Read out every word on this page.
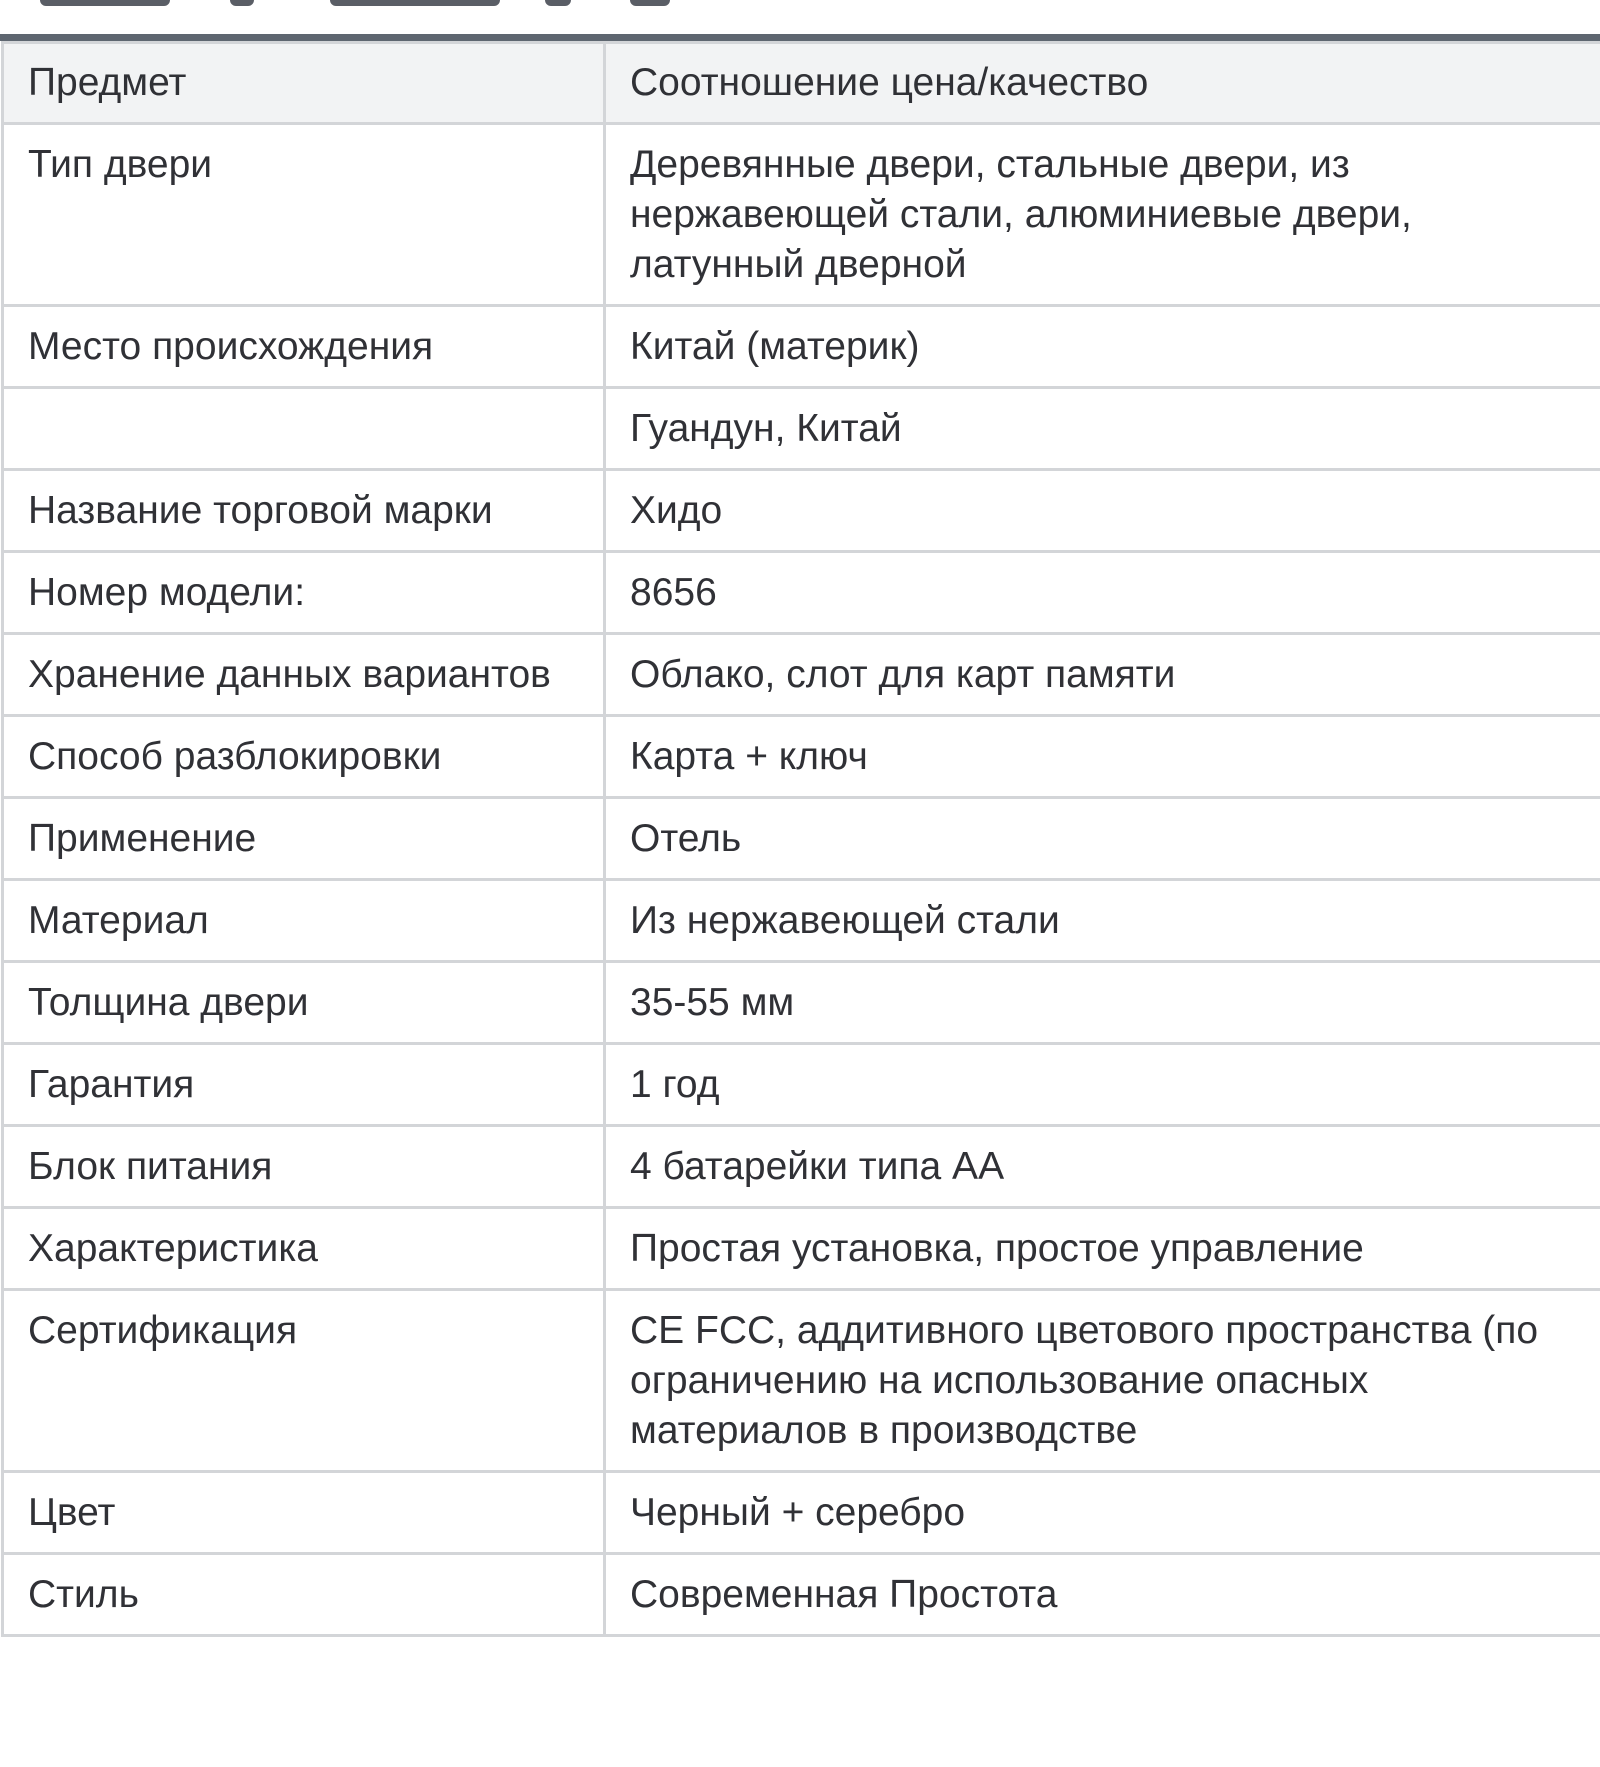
Предмет	Соотношение цена/качество
Тип двери	Деревянные двери, стальные двери, из нержавеющей стали, алюминиевые двери, латунный дверной
Место происхождения	Китай (материк)
	Гуандун, Китай
Название торговой марки	Хидо
Номер модели:	8656
Хранение данных вариантов	Облако, слот для карт памяти
Способ разблокировки	Карта + ключ
Применение	Отель
Материал	Из нержавеющей стали
Толщина двери	35-55 мм
Гарантия	1 год
Блок питания	4 батарейки типа АА
Характеристика	Простая установка, простое управление
Сертификация	CE FCC, аддитивного цветового пространства (по ограничению на использование опасных материалов в производстве
Цвет	Черный + серебро
Стиль	Современная Простота
